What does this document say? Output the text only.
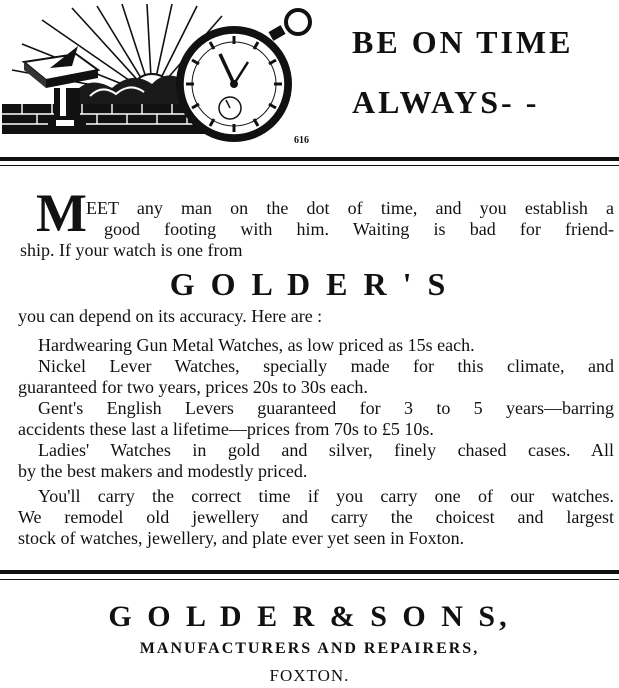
616
BE ON TIME
ALWAYS- -
M EET any man on the dot of time, and you establish a
good footing with him. Waiting is bad for friend-
ship. If your watch is one from
G O L D E R ' S
you can depend on its accuracy. Here are :
Hardwearing Gun Metal Watches, as low priced as 15s each.
Nickel Lever Watches, specially made for this climate, and
guaranteed for two years, prices 20s to 30s each.
Gent's English Levers guaranteed for 3 to 5 years—barring
accidents these last a lifetime—prices from 70s to £5 10s.
Ladies' Watches in gold and silver, finely chased cases. All
by the best makers and modestly priced.
You'll carry the correct time if you carry one of our watches.
We remodel old jewellery and carry the choicest and largest
stock of watches, jewellery, and plate ever yet seen in Foxton.
G O L D E R & S O N S,
MANUFACTURERS AND REPAIRERS,
FOXTON.
